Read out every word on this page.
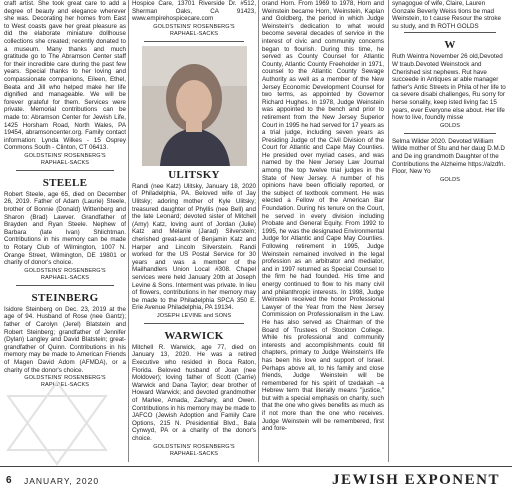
craft artist. She took great care to add a degree of beauty and elegance wherever she was. Decorating her homes from East to West coasts gave her great pleasure as did the elaborate miniature dollhouse collections she created; recently donated to a museum. Many thanks and much gratitude go to The Abramson Center staff for their incredible care during the past few years. Special thanks to her loving and compassionate companions, Eileen, Ethel, Beata and Jill who helped make her life dignified and manageable. We will be forever grateful for them. Services were private. Memorial contributions can be made to: Abramson Center for Jewish Life, 1425 Horsham Road, North Wales, PA 19454, abramsoncenter.org. Family contact information: Lynda Wilkes - 15 Osprey Commons South - Clinton, CT 06413.

GOLDSTEINS' ROSENBERG'S
RAPHAEL-SACKS
STEELE

Robert Steele, age 65, died on December 26, 2019. Father of Adam (Laurie) Steele, brother of Bonnie (Donald) Wittenberg and Sharon (Brad) Lawver. Grandfather of Brayden and Ryan Steele. Nephew of Barbara (late Ivan) Shlichtman. Contributions in his memory can be made to Rotary Club of Wilmington, 1007 N. Orange Street, Wilmington, DE 19801 or charity of donor's choice.

GOLDSTEINS' ROSENBERG'S
RAPHAEL-SACKS
STEINBERG

Isidore Steinberg on Dec. 23, 2019 at the age of 94. Husband of Rose (nee Gantz); father of Carolyn (Jerel) Blatstein and Robert Steinberg; grandfather of Jennifer (Dylan) Langley and David Blatstein; great-grandfather of Quinn. Contributions in his memory may be made to American Friends of Magen David Adom (AFMDA), or a charity of the donor's choice.

GOLDSTEINS' ROSENBERG'S
RAPHAEL-SACKS

Hospice Care, 13701 Riverside Dr. #512, Sherman Oaks, CA 91423, www.empirehospicecare.com

GOLDSTEINS' ROSENBERG'S
RAPHAEL-SACKS
ULITSKY

Randi (nee Katz) Ulitsky, January 18, 2020 of Philadelphia, PA. Beloved wife of Jay Ulitsky; adoring mother of Kyle Ulitsky; treasured daughter of Phyllis (nee Bell) and the late Leonard; devoted sister of Mitchell (Amy) Katz, loving aunt of Jordan (Julie) Katz and Melanie (Jarad) Silverstein; cherished great-aunt of Benjamin Katz and Harper and Lincoln Silverstein. Randi worked for the US Postal Service for 30 years and was a member of the Mailhandlers Union Local #308. Chapel services were held January 20th at Joseph Levine & Sons. Interment was private. In lieu of flowers, contributions in her memory may be made to the Philadelphia SPCA 350 E. Erie Avenue Philadelphia, PA 19134.

JOSEPH LEVINE and SONS
WARWICK

Mitchell R. Warwick, age 77, died on January 13, 2020. He was a retired Executive who resided in Boca Raton, Florida. Beloved husband of Joan (nee Moldover); loving father of Scott (Carrie) Warwick and Dana Taylor; dear brother of Howard Warwick; and devoted grandmother of Marlee, Amada, Zachary, and Owen. Contributions in his memory may be made to JAFCO (Jewish Adoption and Family Care Options, 215 N. Presidential Blvd., Bala Cynwyd, PA or a charity of the donor's choice.

GOLDSTEINS' ROSENBERG'S
RAPHAEL-SACKS

orand Horn. From 1969 to 1978, Horn and Weinstein became Horn, Weinstein, Kaplan and Goldberg, the period in which Judge Weinstein's dedication to what would become several decades of service in the interest of civic and community concerns began to flourish. During this time, he served as County Counsel for Atlantic County, Atlantic County Freeholder in 1971, counsel to the Atlantic County Sewage Authority as well as a member of the New Jersey Economic Development Counsel for two terms, as appointed by Governor Richard Hughes. In 1978, Judge Weinstein was appointed to the bench and prior to retirement from the New Jersey Superior Court in 1995 he had served for 17 years as a trial judge, including seven years as Presiding Judge of the Civil Division of the Court for Atlantic and Cape May Counties. He presided over myriad cases, and was named by the New Jersey Law Journal among the top twelve trial judges in the State of New Jersey. A number of his opinions have been officially reported, or the subject of textbook comment. He was elected a Fellow of the American Bar Foundation. During his tenure on the Court, he served in every division including Probate and General Equity. From 1992 to 1995, he was the designated Environmental Judge for Atlantic and Cape May Counties. Following retirement in 1995, Judge Weinstein remained involved in the legal profession as an arbitrator and mediator, and in 1997 returned as Special Counsel to the firm he had founded. His time and energy continued to flow to his many civil and philanthropic interests. In 1998, Judge Weinstein received the honor Professional Lawyer of the Year from the New Jersey Commission on Professionalism in the Law. He has also served as Chairman of the Board of Trustees of Stockton College. While his professional and community interests and accomplishments could fill chapters, primary to Judge Weinstein's life has been his love and support of Israel. Perhaps above all, to his family and close friends, Judge Weinstein will be remembered for his spirit of tzedakah –a Hebrew term that literally means "justice," but with a special emphasis on charity, such that the one who gives benefits as much as if not more than the one who receives. Judge Weinstein will be remembered, first and fore-

synagogue of wife, Claire, Lauren Gonzale Beverly Weiss tions be mad Weinstein, to t cause Resour the stroke su study, and th ROTH GOLDS

W

Ruth Weintra November 26 old,Devoted W traub.Devoted Weinstock and Cherished sist nephews. Rut have succeede in Antiques ar able manager father's Antic Streets in Phila of her life to ca severe disabi challenges, Ru sorry for herse sonality, keep isted living fac 15 years, ever Everyone else about. Her life how to live, foundly misse

GOLDS

Selma Wilder 2020. Devoted William Wilde mother of Stu and her daug D.M.D and De ing grandmoth Daughter of the Contributions the Alzheime https://alzdfn. Floor, New Yo

GOLDS
6 JANUARY, 2020	JEWISH EXPONENT
